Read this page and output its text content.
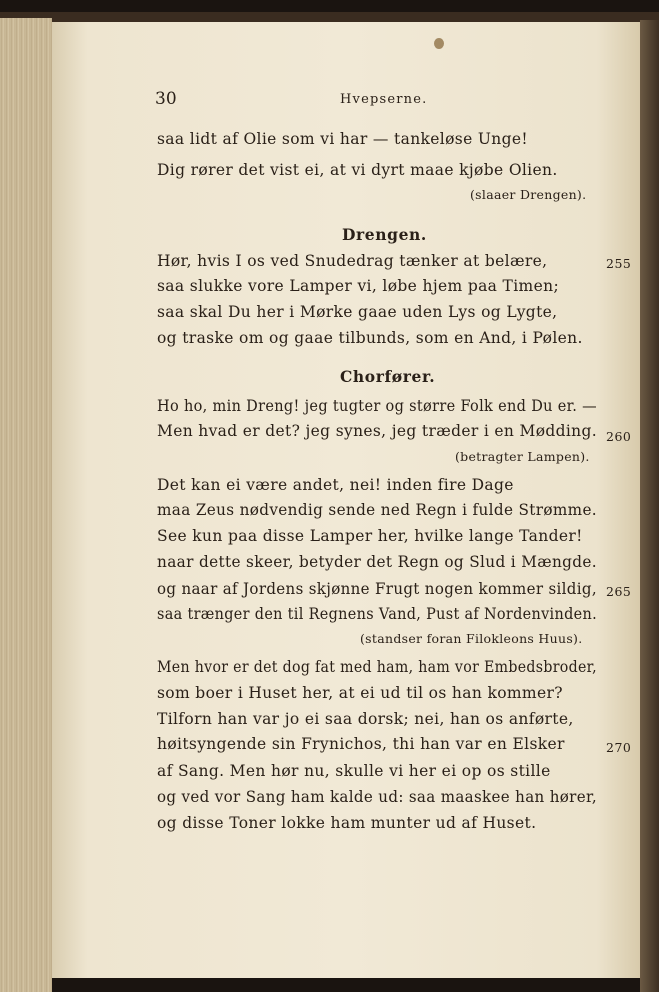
30	Hvepserne.
saa lidt af Olie som vi har — tankeløse Unge!
Dig rører det vist ei, at vi dyrt maae kjøbe Olien.
(slaaer Drengen).
Drengen.
Hør, hvis I os ved Snudedrag tænker at belære,	255
saa slukke vore Lamper vi, løbe hjem paa Timen;
saa skal Du her i Mørke gaae uden Lys og Lygte,
og traske om og gaae tilbunds, som en And, i Pølen.
Chorfører.
Ho ho, min Dreng! jeg tugter og større Folk end Du er. —
Men hvad er det? jeg synes, jeg træder i en Mødding. 260
(betragter Lampen).
Det kan ei være andet, nei! inden fire Dage
maa Zeus nødvendig sende ned Regn i fulde Strømme.
See kun paa disse Lamper her, hvilke lange Tander!
naar dette skeer, betyder det Regn og Slud i Mængde.
og naar af Jordens skjønne Frugt nogen kommer sildig, 265
saa trænger den til Regnens Vand, Pust af Nordenvinden.
(standser foran Filokleons Huus).
Men hvor er det dog fat med ham, ham vor Embedsbroder,
som boer i Huset her, at ei ud til os han kommer?
Tilforn han var jo ei saa dorsk; nei, han os anførte,
høitsyngende sin Frynichos, thi han var en Elsker	270
af Sang. Men hør nu, skulle vi her ei op os stille
og ved vor Sang ham kalde ud: saa maaskee han hører,
og disse Toner lokke ham munter ud af Huset.
